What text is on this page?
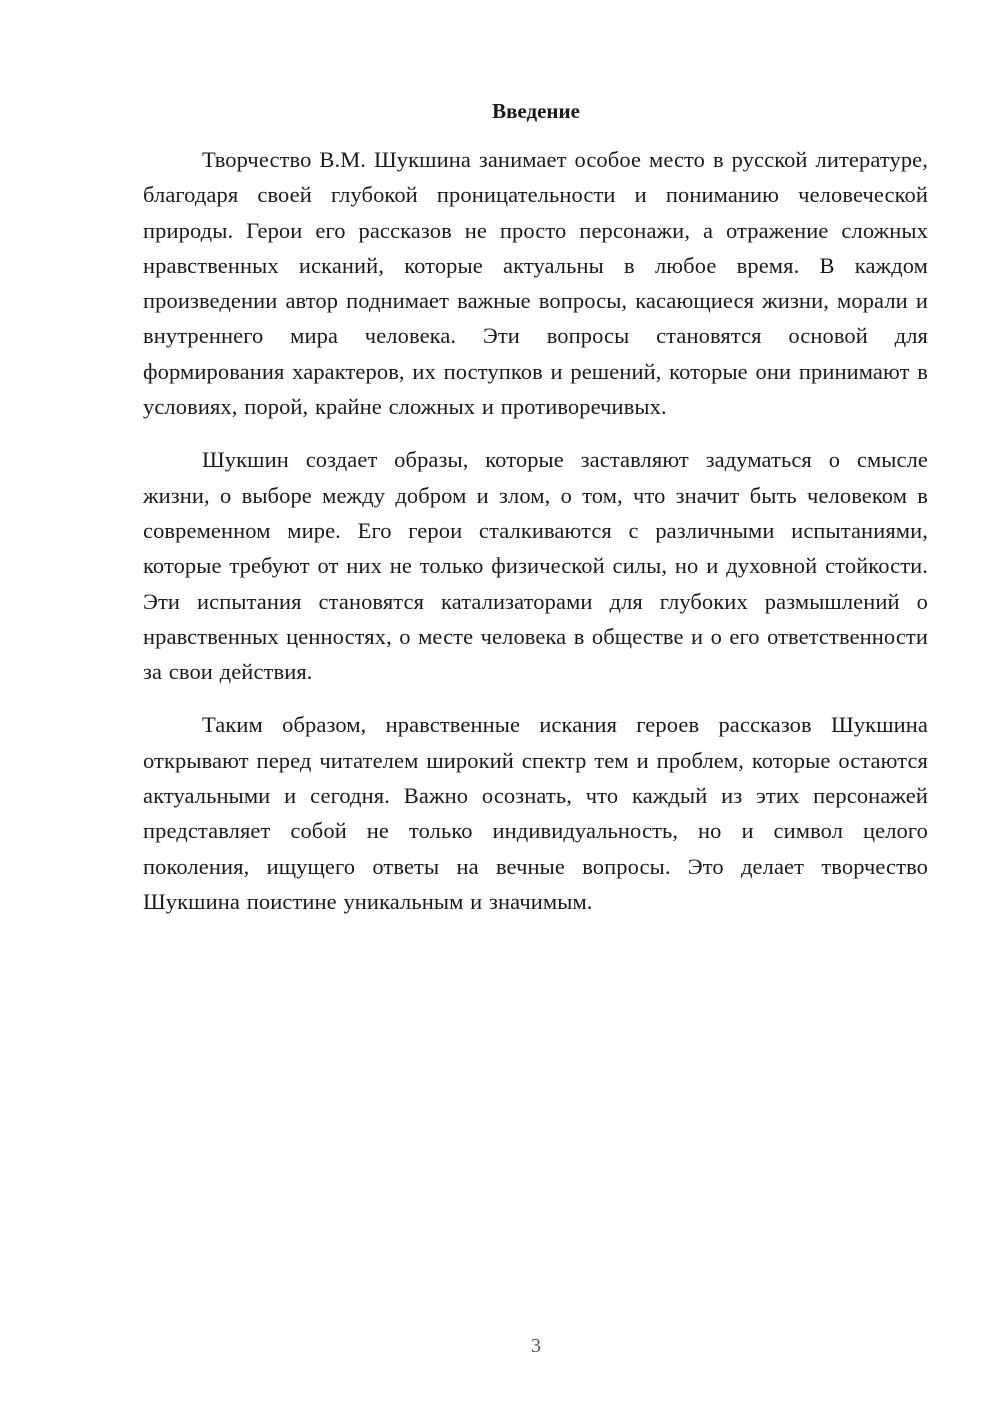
Введение

Творчество В.М. Шукшина занимает особое место в русской литературе, благодаря своей глубокой проницательности и пониманию человеческой природы. Герои его рассказов не просто персонажи, а отражение сложных нравственных исканий, которые актуальны в любое время. В каждом произведении автор поднимает важные вопросы, касающиеся жизни, морали и внутреннего мира человека. Эти вопросы становятся основой для формирования характеров, их поступков и решений, которые они принимают в условиях, порой, крайне сложных и противоречивых.

Шукшин создает образы, которые заставляют задуматься о смысле жизни, о выборе между добром и злом, о том, что значит быть человеком в современном мире. Его герои сталкиваются с различными испытаниями, которые требуют от них не только физической силы, но и духовной стойкости. Эти испытания становятся катализаторами для глубоких размышлений о нравственных ценностях, о месте человека в обществе и о его ответственности за свои действия.

Таким образом, нравственные искания героев рассказов Шукшина открывают перед читателем широкий спектр тем и проблем, которые остаются актуальными и сегодня. Важно осознать, что каждый из этих персонажей представляет собой не только индивидуальность, но и символ целого поколения, ищущего ответы на вечные вопросы. Это делает творчество Шукшина поистине уникальным и значимым.

3
